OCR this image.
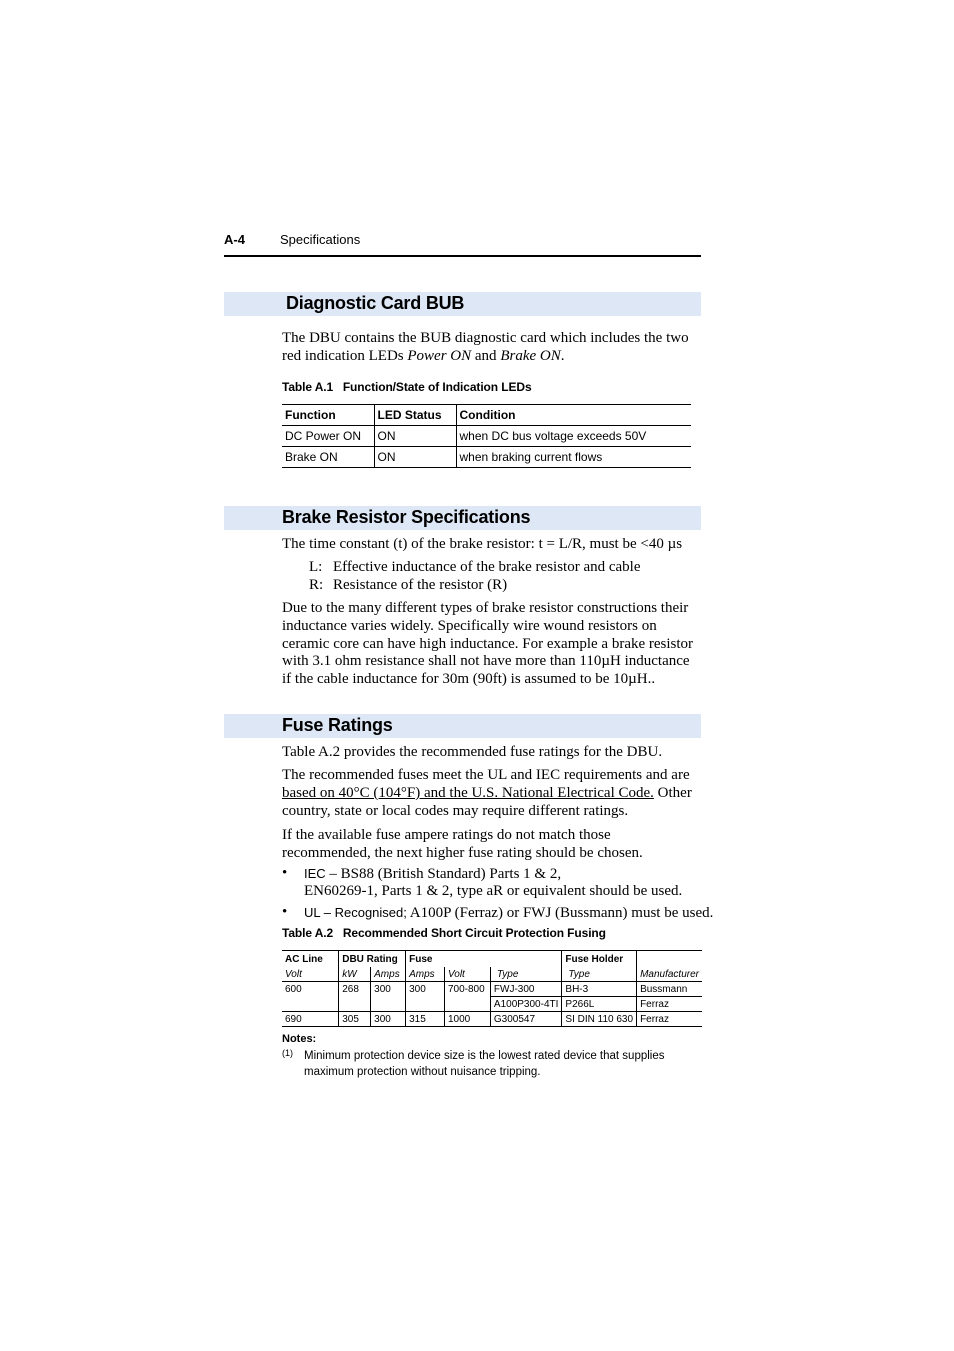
A-4	Specifications
Diagnostic Card BUB

The DBU contains the BUB diagnostic card which includes the two red indication LEDs Power ON and Brake ON.

Table A.1 Function/State of Indication LEDs
Function	LED Status	Condition
DC Power ON	ON	when DC bus voltage exceeds 50V
Brake ON	ON	when braking current flows
Brake Resistor Specifications

The time constant (t) of the brake resistor: t = L/R, must be <40 µs

L: Effective inductance of the brake resistor and cable
R: Resistance of the resistor (R)

Due to the many different types of brake resistor constructions their inductance varies widely. Specifically wire wound resistors on ceramic core can have high inductance. For example a brake resistor with 3.1 ohm resistance shall not have more than 110µH inductance if the cable inductance for 30m (90ft) is assumed to be 10µH..

Fuse Ratings

Table A.2 provides the recommended fuse ratings for the DBU.

The recommended fuses meet the UL and IEC requirements and are based on 40°C (104°F) and the U.S. National Electrical Code. Other country, state or local codes may require different ratings.

If the available fuse ampere ratings do not match those recommended, the next higher fuse rating should be chosen.

• IEC – BS88 (British Standard) Parts 1 & 2,
EN60269-1, Parts 1 & 2, type aR or equivalent should be used.
• UL – Recognised; A100P (Ferraz) or FWJ (Bussmann) must be used.
Table A.2 Recommended Short Circuit Protection Fusing
AC Line	DBU Rating		Fuse			Fuse Holder	
Volt	kW	Amps	Amps	Volt	Type	Type	Manufacturer
600	268	300	300	700-800	FWJ-300	BH-3	Bussmann
					A100P300-4TI	P266L	Ferraz
690	305	300	315	1000	G300547	SI DIN 110 630	Ferraz
Notes:
(1) Minimum protection device size is the lowest rated device that supplies maximum protection without nuisance tripping.
